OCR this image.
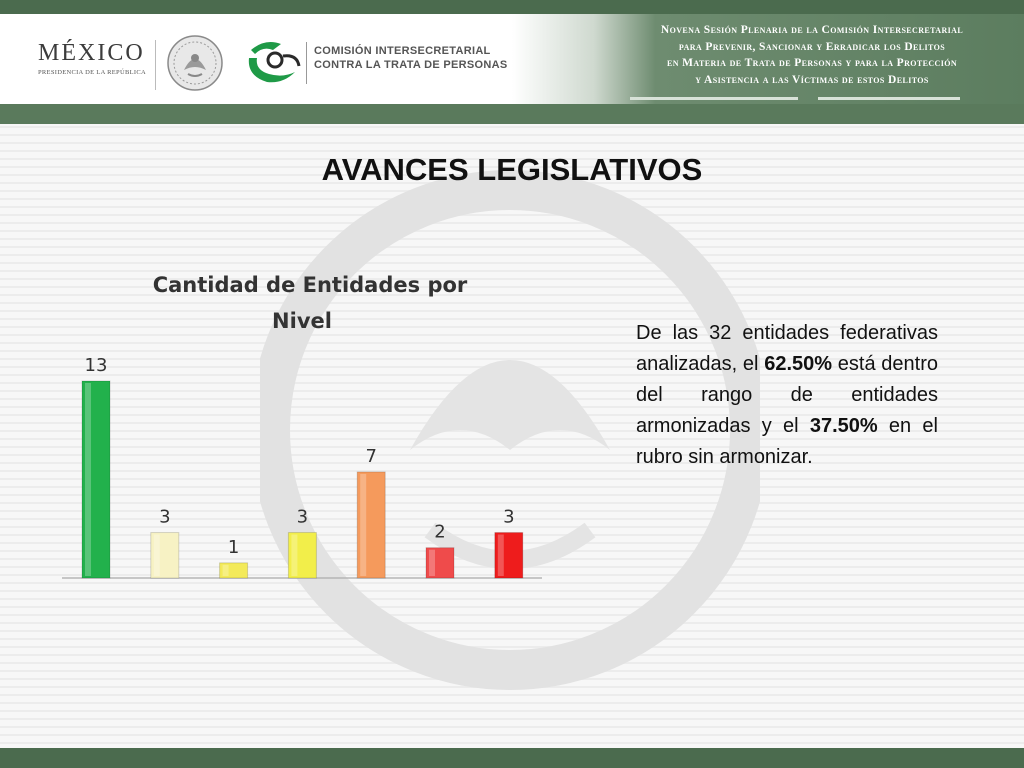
MÉXICO
PRESIDENCIA DE LA REPÚBLICA
COMISIÓN INTERSECRETARIAL
CONTRA LA TRATA DE PERSONAS
Novena Sesión Plenaria de la Comisión Intersecretarial
para Prevenir, Sancionar y Erradicar los Delitos
en Materia de Trata de Personas y para la Protección
y Asistencia a las Víctimas de estos Delitos
AVANCES LEGISLATIVOS
Cantidad de Entidades por
Nivel
13
3
1
3
7
2
3
De las 32 entidades federativas analizadas, el 62.50% está dentro del rango de entidades armonizadas y el 37.50% en el rubro sin armonizar.
